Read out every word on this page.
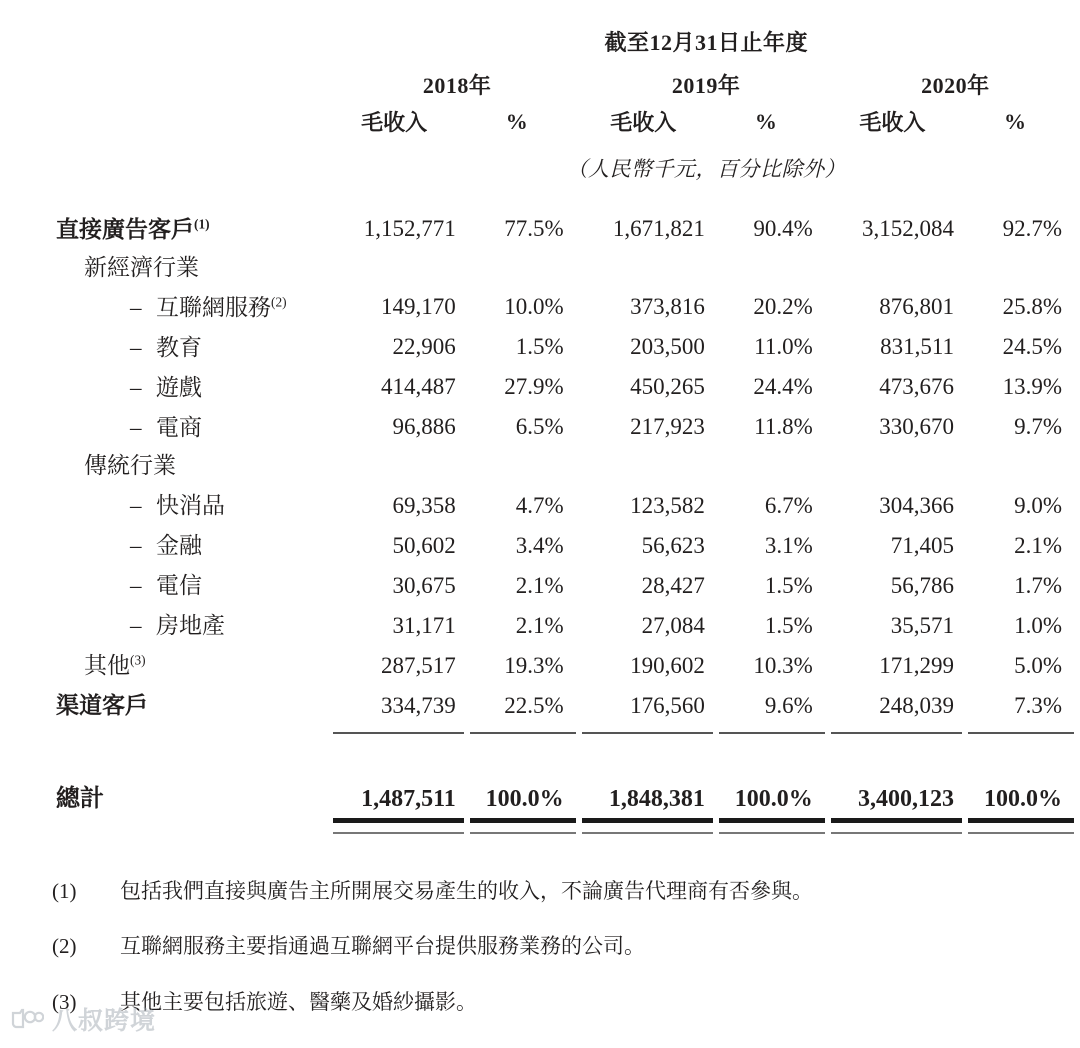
	截至12月31日止年度					
	2018年		2019年		2020年	
	毛收入	%	毛收入	%	毛收入	%
	（人民幣千元，百分比除外）					
直接廣告客戶$^{(1)}$	1,152,771	77.5%	1,671,821	90.4%	3,152,084	92.7%
新經濟行業						
– 互聯網服務$^{(2)}$	149,170	10.0%	373,816	20.2%	876,801	25.8%
– 教育	22,906	1.5%	203,500	11.0%	831,511	24.5%
– 遊戲	414,487	27.9%	450,265	24.4%	473,676	13.9%
– 電商	96,886	6.5%	217,923	11.8%	330,670	9.7%
傳統行業						
– 快消品	69,358	4.7%	123,582	6.7%	304,366	9.0%
– 金融	50,602	3.4%	56,623	3.1%	71,405	2.1%
– 電信	30,675	2.1%	28,427	1.5%	56,786	1.7%
– 房地產	31,171	2.1%	27,084	1.5%	35,571	1.0%
其他$^{(3)}$	287,517	19.3%	190,602	10.3%	171,299	5.0%
渠道客戶	334,739	22.5%	176,560	9.6%	248,039	7.3%

總計	1,487,511	100.0%	1,848,381	100.0%	3,400,123	100.0%

(1)	包括我們直接與廣告主所開展交易產生的收入，不論廣告代理商有否參與。
(2)	互聯網服務主要指通過互聯網平台提供服務業務的公司。
(3)	其他主要包括旅遊、醫藥及婚紗攝影。
八叔跨境
